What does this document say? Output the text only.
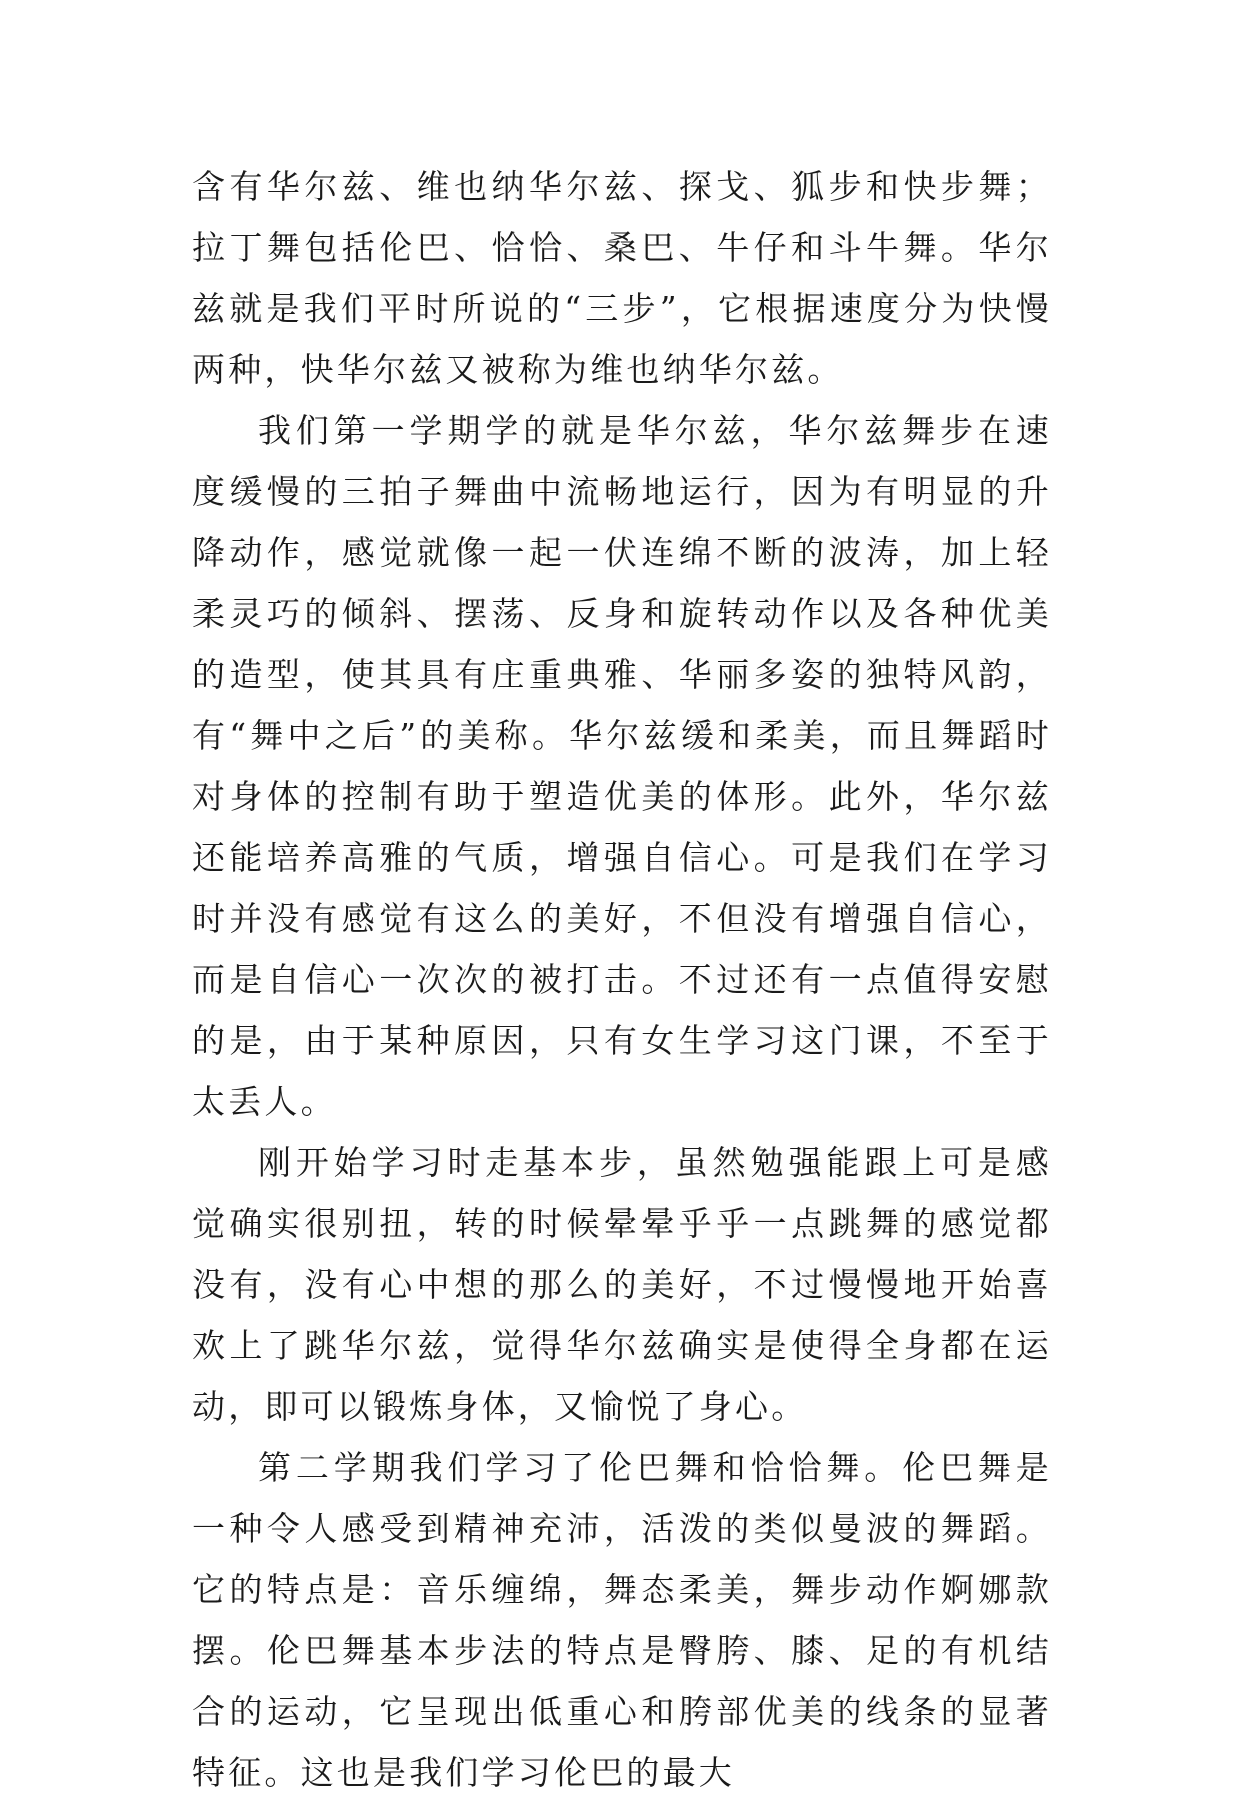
含有华尔兹、维也纳华尔兹、探戈、狐步和快步舞；拉丁舞包括伦巴、恰恰、桑巴、牛仔和斗牛舞。华尔兹就是我们平时所说的“三步”，它根据速度分为快慢两种，快华尔兹又被称为维也纳华尔兹。

我们第一学期学的就是华尔兹，华尔兹舞步在速度缓慢的三拍子舞曲中流畅地运行，因为有明显的升降动作，感觉就像一起一伏连绵不断的波涛，加上轻柔灵巧的倾斜、摆荡、反身和旋转动作以及各种优美的造型，使其具有庄重典雅、华丽多姿的独特风韵，有“舞中之后”的美称。华尔兹缓和柔美，而且舞蹈时对身体的控制有助于塑造优美的体形。此外，华尔兹还能培养高雅的气质，增强自信心。可是我们在学习时并没有感觉有这么的美好，不但没有增强自信心，而是自信心一次次的被打击。不过还有一点值得安慰的是，由于某种原因，只有女生学习这门课，不至于太丢人。

刚开始学习时走基本步，虽然勉强能跟上可是感觉确实很别扭，转的时候晕晕乎乎一点跳舞的感觉都没有，没有心中想的那么的美好，不过慢慢地开始喜欢上了跳华尔兹，觉得华尔兹确实是使得全身都在运动，即可以锻炼身体，又愉悦了身心。

第二学期我们学习了伦巴舞和恰恰舞。伦巴舞是一种令人感受到精神充沛，活泼的类似曼波的舞蹈。它的特点是：音乐缠绵，舞态柔美，舞步动作婀娜款摆。伦巴舞基本步法的特点是臀胯、膝、足的有机结合的运动，它呈现出低重心和胯部优美的线条的显著特征。这也是我们学习伦巴的最大
